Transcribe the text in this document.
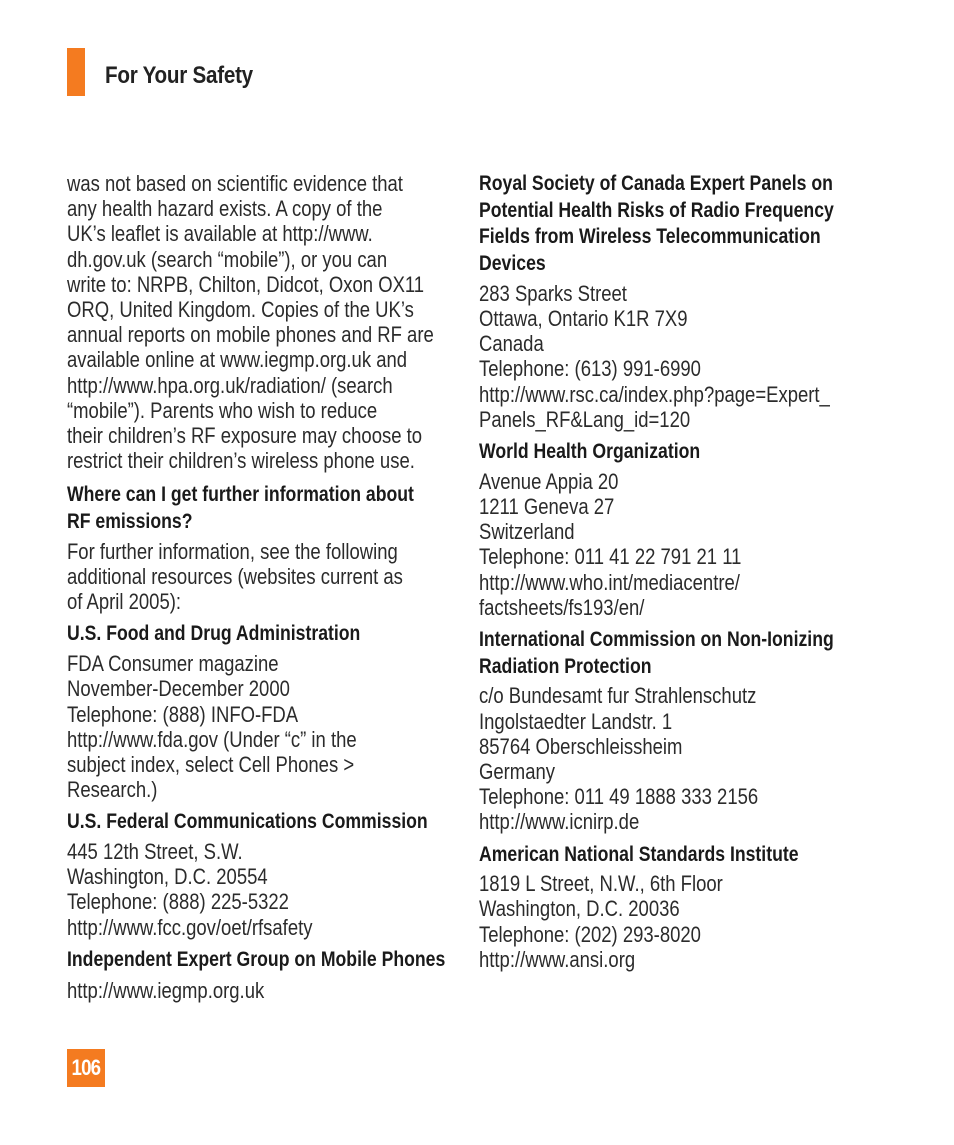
For Your Safety

was not based on scientific evidence that
any health hazard exists. A copy of the
UK’s leaflet is available at http://www.
dh.gov.uk (search “mobile”), or you can
write to: NRPB, Chilton, Didcot, Oxon OX11
ORQ, United Kingdom. Copies of the UK’s
annual reports on mobile phones and RF are
available online at www.iegmp.org.uk and
http://www.hpa.org.uk/radiation/ (search
“mobile”). Parents who wish to reduce
their children’s RF exposure may choose to
restrict their children’s wireless phone use.

Where can I get further information about
RF emissions?

For further information, see the following
additional resources (websites current as
of April 2005):

U.S. Food and Drug Administration

FDA Consumer magazine
November-December 2000
Telephone: (888) INFO-FDA
http://www.fda.gov (Under “c” in the
subject index, select Cell Phones >
Research.)

U.S. Federal Communications Commission

445 12th Street, S.W.
Washington, D.C. 20554
Telephone: (888) 225-5322
http://www.fcc.gov/oet/rfsafety

Independent Expert Group on Mobile Phones

http://www.iegmp.org.uk

Royal Society of Canada Expert Panels on
Potential Health Risks of Radio Frequency
Fields from Wireless Telecommunication
Devices

283 Sparks Street
Ottawa, Ontario K1R 7X9
Canada
Telephone: (613) 991-6990
http://www.rsc.ca/index.php?page=Expert_
Panels_RF&Lang_id=120

World Health Organization

Avenue Appia 20
1211 Geneva 27
Switzerland
Telephone: 011 41 22 791 21 11
http://www.who.int/mediacentre/
factsheets/fs193/en/

International Commission on Non-Ionizing
Radiation Protection

c/o Bundesamt fur Strahlenschutz
Ingolstaedter Landstr. 1
85764 Oberschleissheim
Germany
Telephone: 011 49 1888 333 2156
http://www.icnirp.de

American National Standards Institute

1819 L Street, N.W., 6th Floor
Washington, D.C. 20036
Telephone: (202) 293-8020
http://www.ansi.org

106
